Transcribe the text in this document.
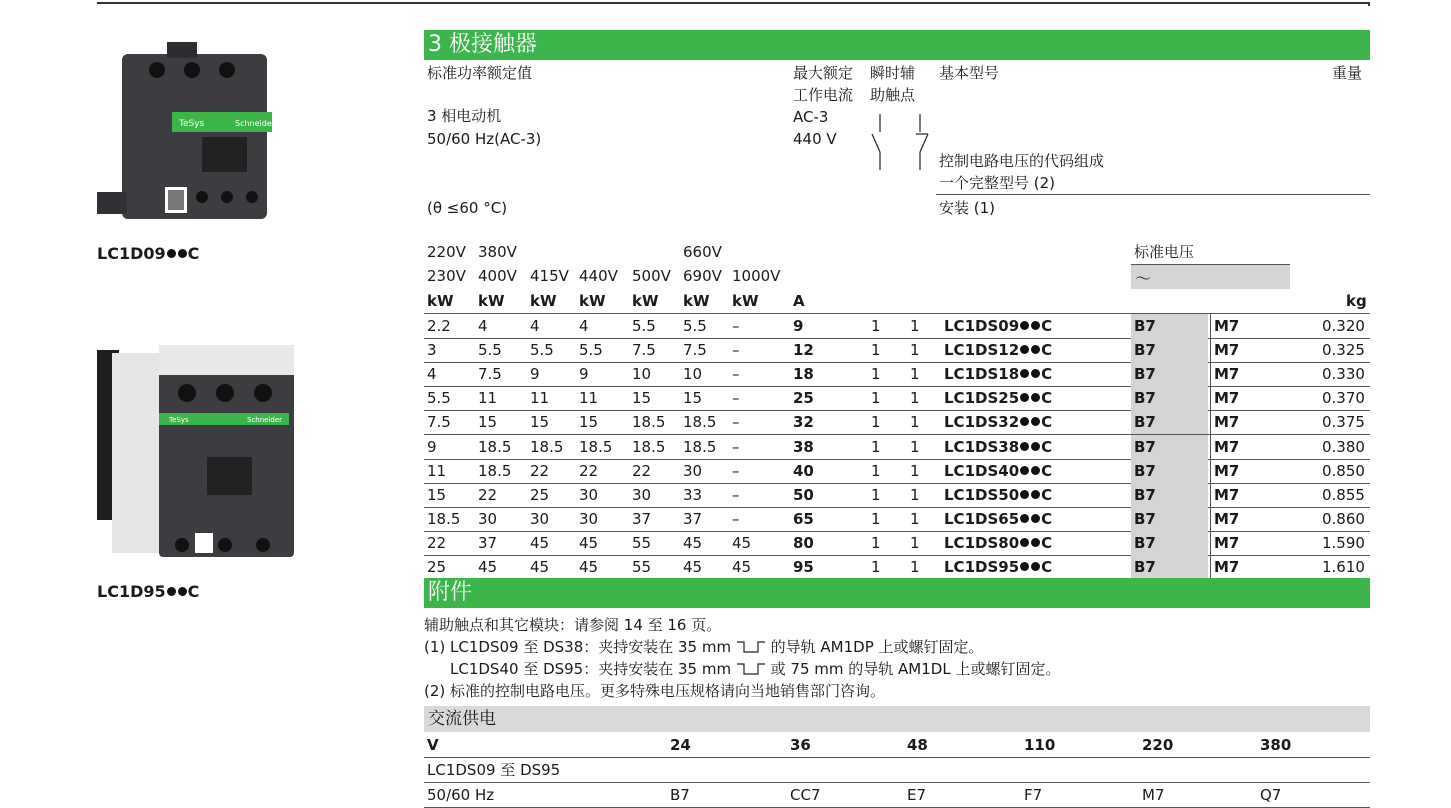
TeSys	Schneider
LC1D09 C
TeSys	Schneider
LC1D95 C
3 极接触器
标准功率额定值
3 相电动机
50/60 Hz(AC-3)
(θ ≤60 °C)
最大额定
工作电流
AC-3
440 V
瞬时辅
助触点
基本型号	重量
控制电路电压的代码组成
一个完整型号 (2)
安装 (1)
220V 380V	660V
230V 400V 415V 440V 500V 690V 1000V
标准电压
～
kW kW kW kW kW kW kW A	kg
2.2 4	4	4	5.5 5.5 –	9	1 1 LC1DS09 C	B7	M7	0.320
3	5.5 5.5 5.5 7.5 7.5 –	12	1 1 LC1DS12 C	B7	M7	0.325
4	7.5 9	9	10 10 –	18	1 1 LC1DS18 C	B7	M7	0.330
5.5 11 11 11 15 15 –	25	1 1 LC1DS25 C	B7	M7	0.370
7.5 15 15 15 18.5 18.5 –	32	1 1 LC1DS32 C	B7	M7	0.375
9	18.5 18.5 18.5 18.5 18.5 –	38	1 1 LC1DS38 C	B7	M7	0.380
11 18.5 22 22 22 30 –	40	1 1 LC1DS40 C	B7	M7	0.850
15 22 25 30 30 33 –	50	1 1 LC1DS50 C	B7	M7	0.855
18.5 30 30 30 37 37 –	65	1 1 LC1DS65 C	B7	M7	0.860
22 37 45 45 55 45 45	80	1 1 LC1DS80 C	B7	M7	1.590
25 45 45 45 55 45 45	95	1 1 LC1DS95 C	B7	M7	1.610
附件
辅助触点和其它模块：请参阅 14 至 16 页。
(1) LC1DS09 至 DS38：夹持安装在 35 mm	的导轨 AM1DP 上或螺钉固定。
LC1DS40 至 DS95：夹持安装在 35 mm	或 75 mm 的导轨 AM1DL 上或螺钉固定。
(2) 标准的控制电路电压。更多特殊电压规格请向当地销售部门咨询。
交流供电
V	24	36	48	110	220	380
LC1DS09 至 DS95
50/60 Hz	B7	CC7	E7	F7	M7	Q7
